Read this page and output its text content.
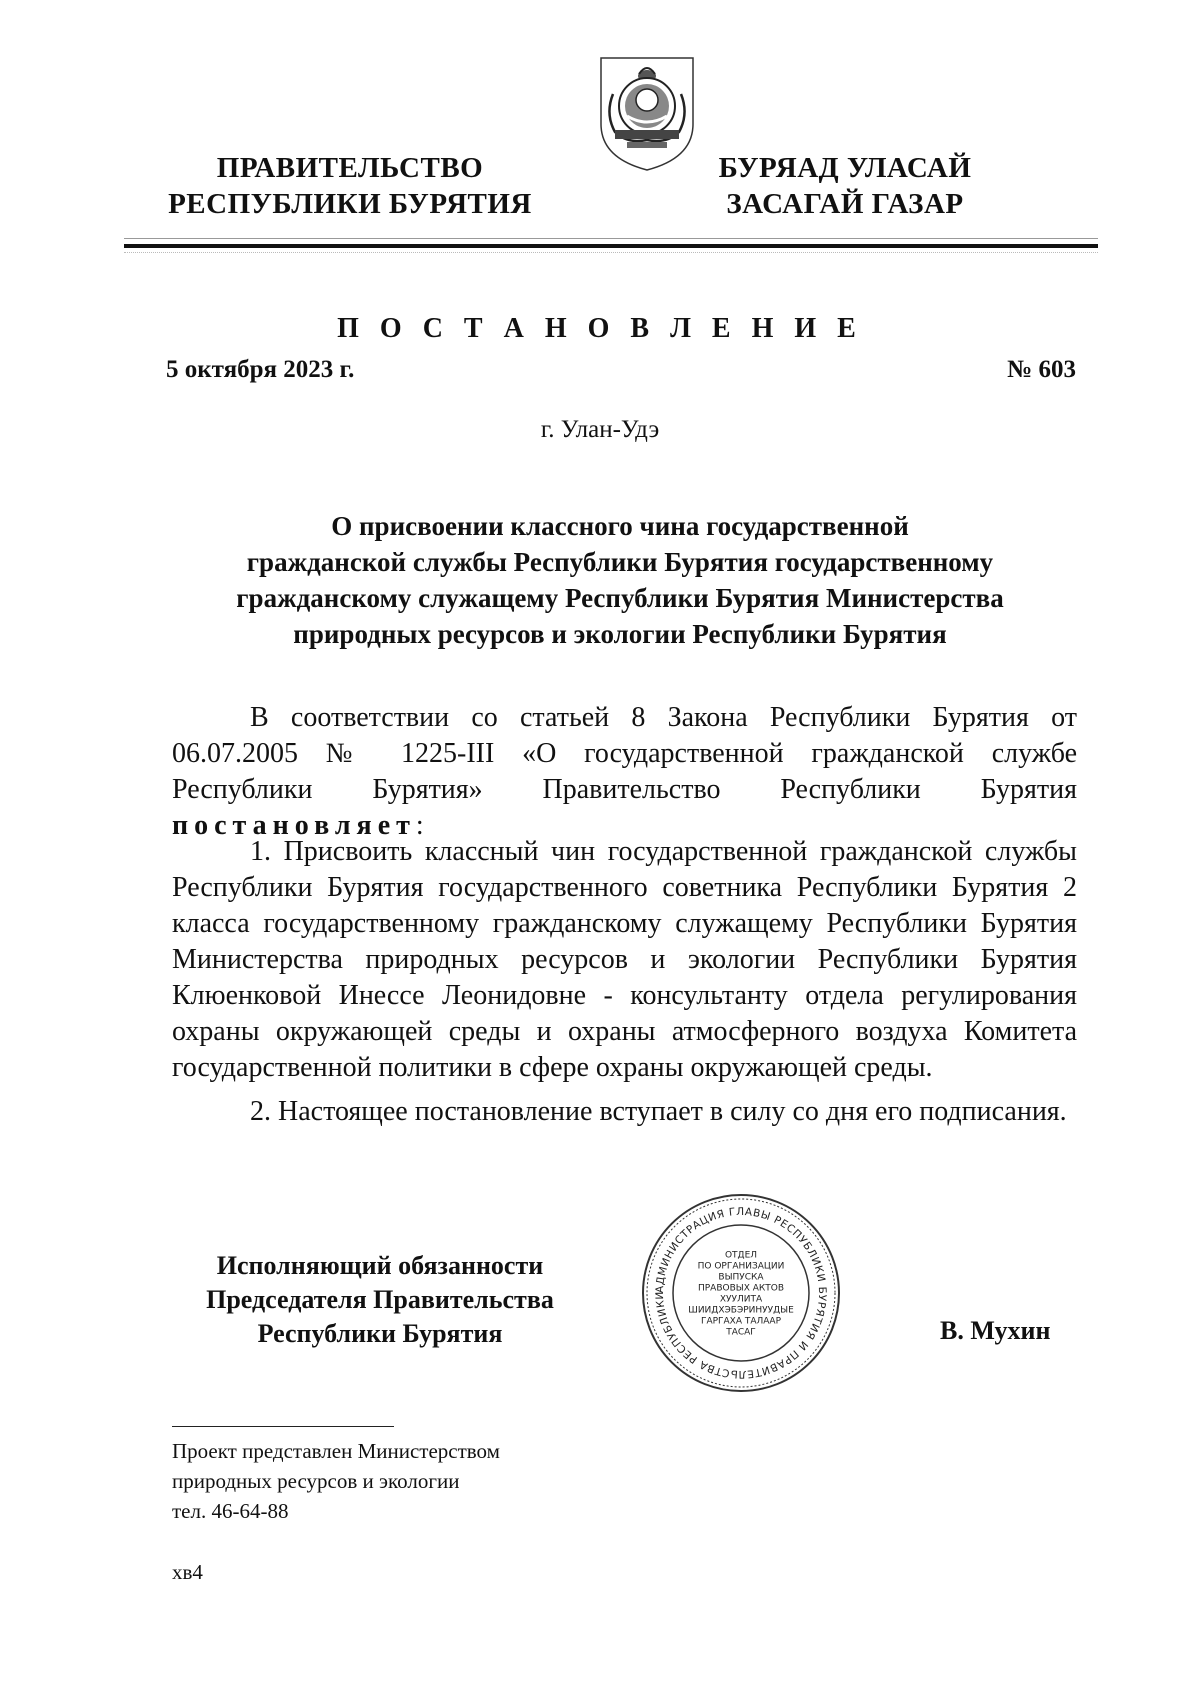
ПРАВИТЕЛЬСТВО
РЕСПУБЛИКИ БУРЯТИЯ
БУРЯАД УЛАСАЙ
ЗАСАГАЙ ГАЗАР
П О С Т А Н О В Л Е Н И Е
5 октября 2023 г.	№ 603
г. Улан-Удэ
О присвоении классного чина государственной
гражданской службы Республики Бурятия государственному
гражданскому служащему Республики Бурятия Министерства
природных ресурсов и экологии Республики Бурятия

В соответствии со статьей 8 Закона Республики Бурятия от 06.07.2005 № 1225-III «О государственной гражданской службе Республики Бурятия» Правительство Республики Бурятия постановляет:

1. Присвоить классный чин государственной гражданской службы Республики Бурятия государственного советника Республики Бурятия 2 класса государственному гражданскому служащему Республики Бурятия Министерства природных ресурсов и экологии Республики Бурятия Клюенковой Инессе Леонидовне - консультанту отдела регулирования охраны окружающей среды и охраны атмосферного воздуха Комитета государственной политики в сфере охраны окружающей среды.

2. Настоящее постановление вступает в силу со дня его подписания.

Исполняющий обязанности
Председателя Правительства
Республики Бурятия
АДМИНИСТРАЦИЯ ГЛАВЫ РЕСПУБЛИКИ БУРЯТИЯ И ПРАВИТЕЛЬСТВА РЕСПУБЛИКИ
ОТДЕЛ
ПО ОРГАНИЗАЦИИ
ВЫПУСКА
ПРАВОВЫХ АКТОВ
ХУУЛИТА
ШИИДХЭБЭРИНУУДЫЕ
ГАРГАХА ТАЛААР
ТАСАГ	В. Мухин
Проект представлен Министерством
природных ресурсов и экологии
тел. 46-64-88
хв4
